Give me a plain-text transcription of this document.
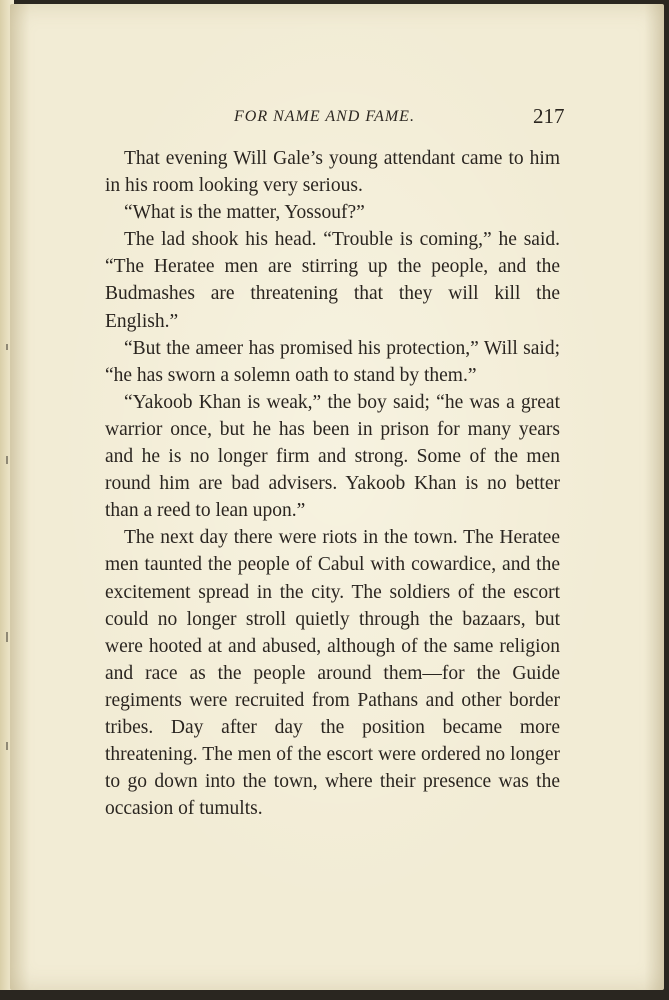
FOR NAME AND FAME.	217

That evening Will Gale’s young attendant came to him in his room looking very serious.

“What is the matter, Yossouf?”

The lad shook his head. “Trouble is coming,” he said. “The Heratee men are stirring up the people, and the Budmashes are threatening that they will kill the English.”

“But the ameer has promised his protection,” Will said; “he has sworn a solemn oath to stand by them.”

“Yakoob Khan is weak,” the boy said; “he was a great warrior once, but he has been in prison for many years and he is no longer firm and strong. Some of the men round him are bad advisers. Yakoob Khan is no better than a reed to lean upon.”

The next day there were riots in the town. The Heratee men taunted the people of Cabul with cowardice, and the excitement spread in the city. The soldiers of the escort could no longer stroll quietly through the bazaars, but were hooted at and abused, although of the same religion and race as the people around them—for the Guide regiments were recruited from Pathans and other border tribes. Day after day the position became more threatening. The men of the escort were ordered no longer to go down into the town, where their presence was the occasion of tumults.
